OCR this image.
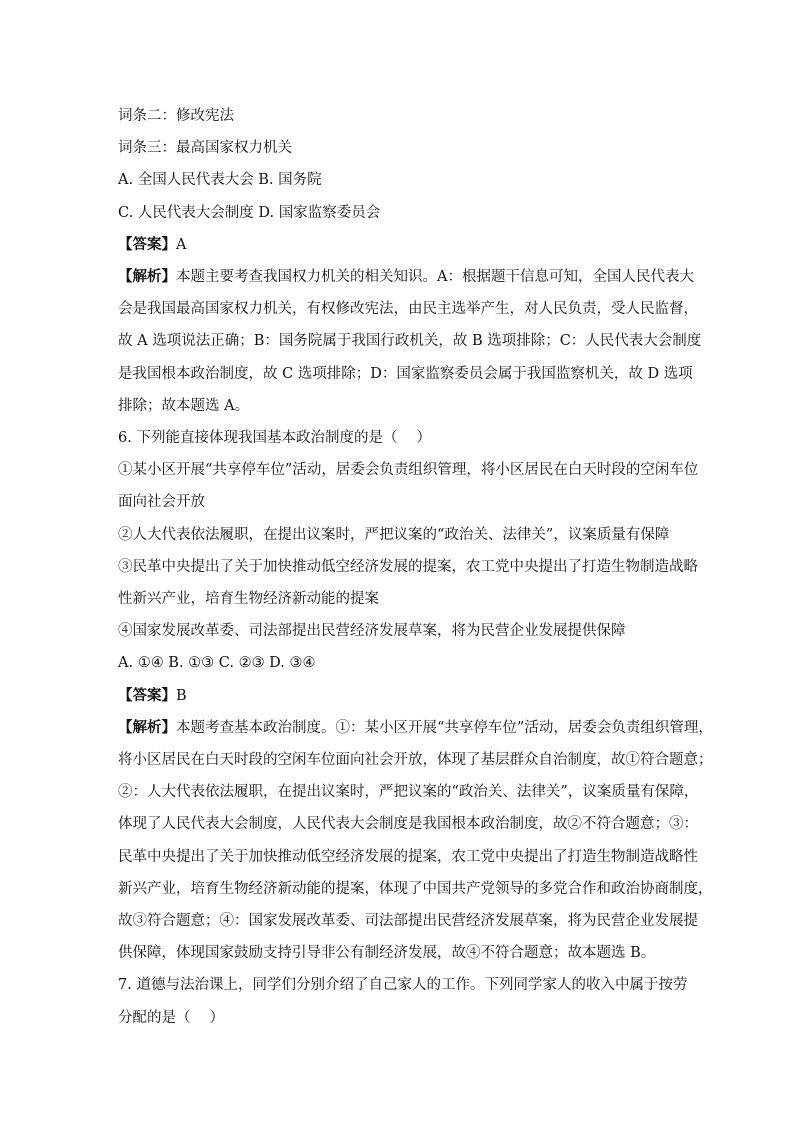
词条二：修改宪法

词条三：最高国家权力机关

A. 全国人民代表大会 B. 国务院

C. 人民代表大会制度 D. 国家监察委员会

【答案】A

【解析】本题主要考查我国权力机关的相关知识。A：根据题干信息可知，全国人民代表大

会是我国最高国家权力机关，有权修改宪法，由民主选举产生，对人民负责，受人民监督，

故 A 选项说法正确；B：国务院属于我国行政机关，故 B 选项排除；C：人民代表大会制度

是我国根本政治制度，故 C 选项排除；D：国家监察委员会属于我国监察机关，故 D 选项

排除；故本题选 A。

6. 下列能直接体现我国基本政治制度的是（　 ）

①某小区开展“共享停车位”活动，居委会负责组织管理，将小区居民在白天时段的空闲车位

面向社会开放

②人大代表依法履职，在提出议案时，严把议案的“政治关、法律关”，议案质量有保障

③民革中央提出了关于加快推动低空经济发展的提案，农工党中央提出了打造生物制造战略

性新兴产业，培育生物经济新动能的提案

④国家发展改革委、司法部提出民营经济发展草案，将为民营企业发展提供保障

A. ①④ B. ①③ C. ②③ D. ③④

【答案】B

【解析】本题考查基本政治制度。①：某小区开展“共享停车位”活动，居委会负责组织管理，

将小区居民在白天时段的空闲车位面向社会开放，体现了基层群众自治制度，故①符合题意；

②：人大代表依法履职，在提出议案时，严把议案的“政治关、法律关”，议案质量有保障，

体现了人民代表大会制度，人民代表大会制度是我国根本政治制度，故②不符合题意；③：

民革中央提出了关于加快推动低空经济发展的提案，农工党中央提出了打造生物制造战略性

新兴产业，培育生物经济新动能的提案，体现了中国共产党领导的多党合作和政治协商制度，

故③符合题意；④：国家发展改革委、司法部提出民营经济发展草案，将为民营企业发展提

供保障，体现国家鼓励支持引导非公有制经济发展，故④不符合题意；故本题选 B。

7. 道德与法治课上，同学们分别介绍了自己家人的工作。下列同学家人的收入中属于按劳

分配的是（　 ）
